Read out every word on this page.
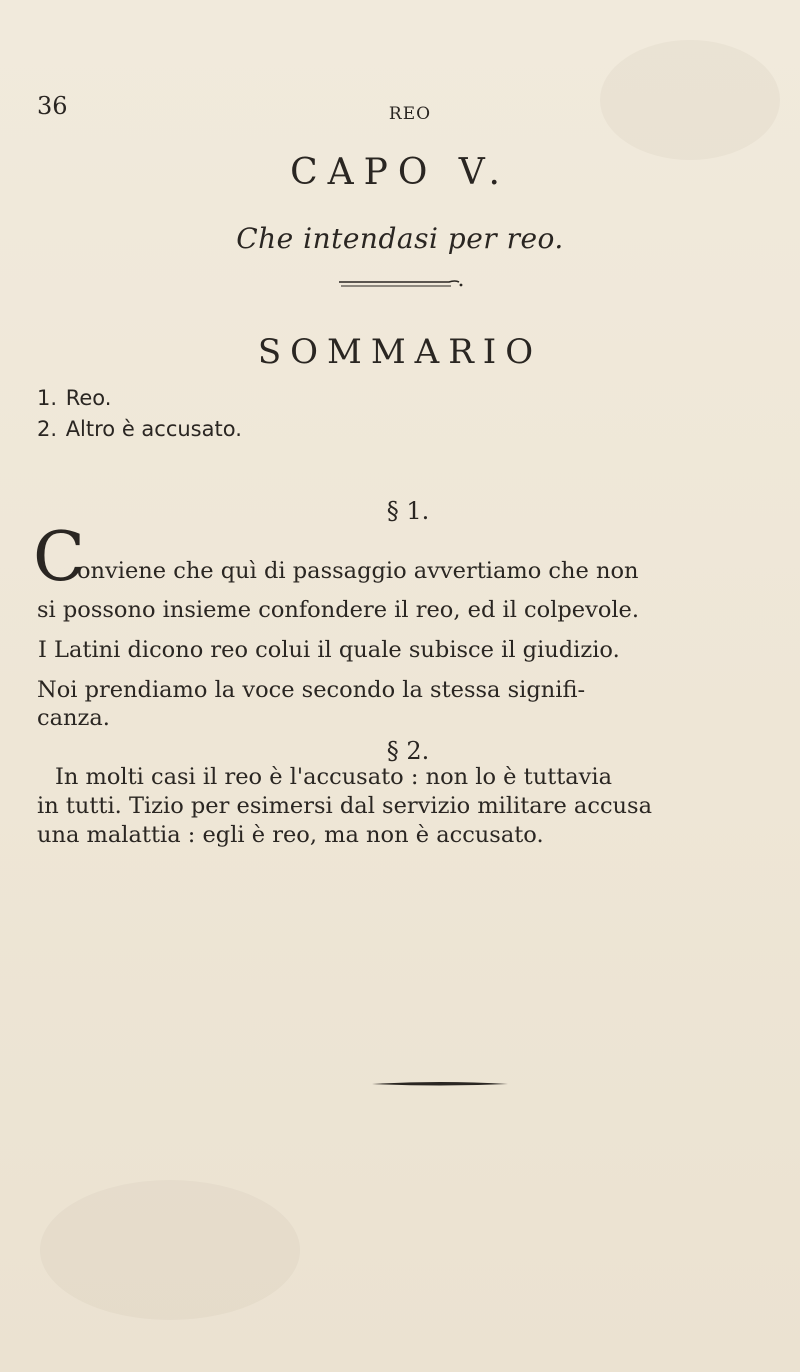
36	REO
CAPO V.
Che intendasi per reo.
SOMMARIO
1. Reo.
2. Altro è accusato.
§ 1.
C
onviene che quì di passaggio avvertiamo che non
si possono insieme confondere il reo, ed il colpevole.
I Latini dicono reo colui il quale subisce il giudizio.
Noi prendiamo la voce secondo la stessa signifi-
canza.
§ 2.
In molti casi il reo è l'accusato : non lo è tuttavia
in tutti. Tizio per esimersi dal servizio militare accusa
una malattia : egli è reo, ma non è accusato.
